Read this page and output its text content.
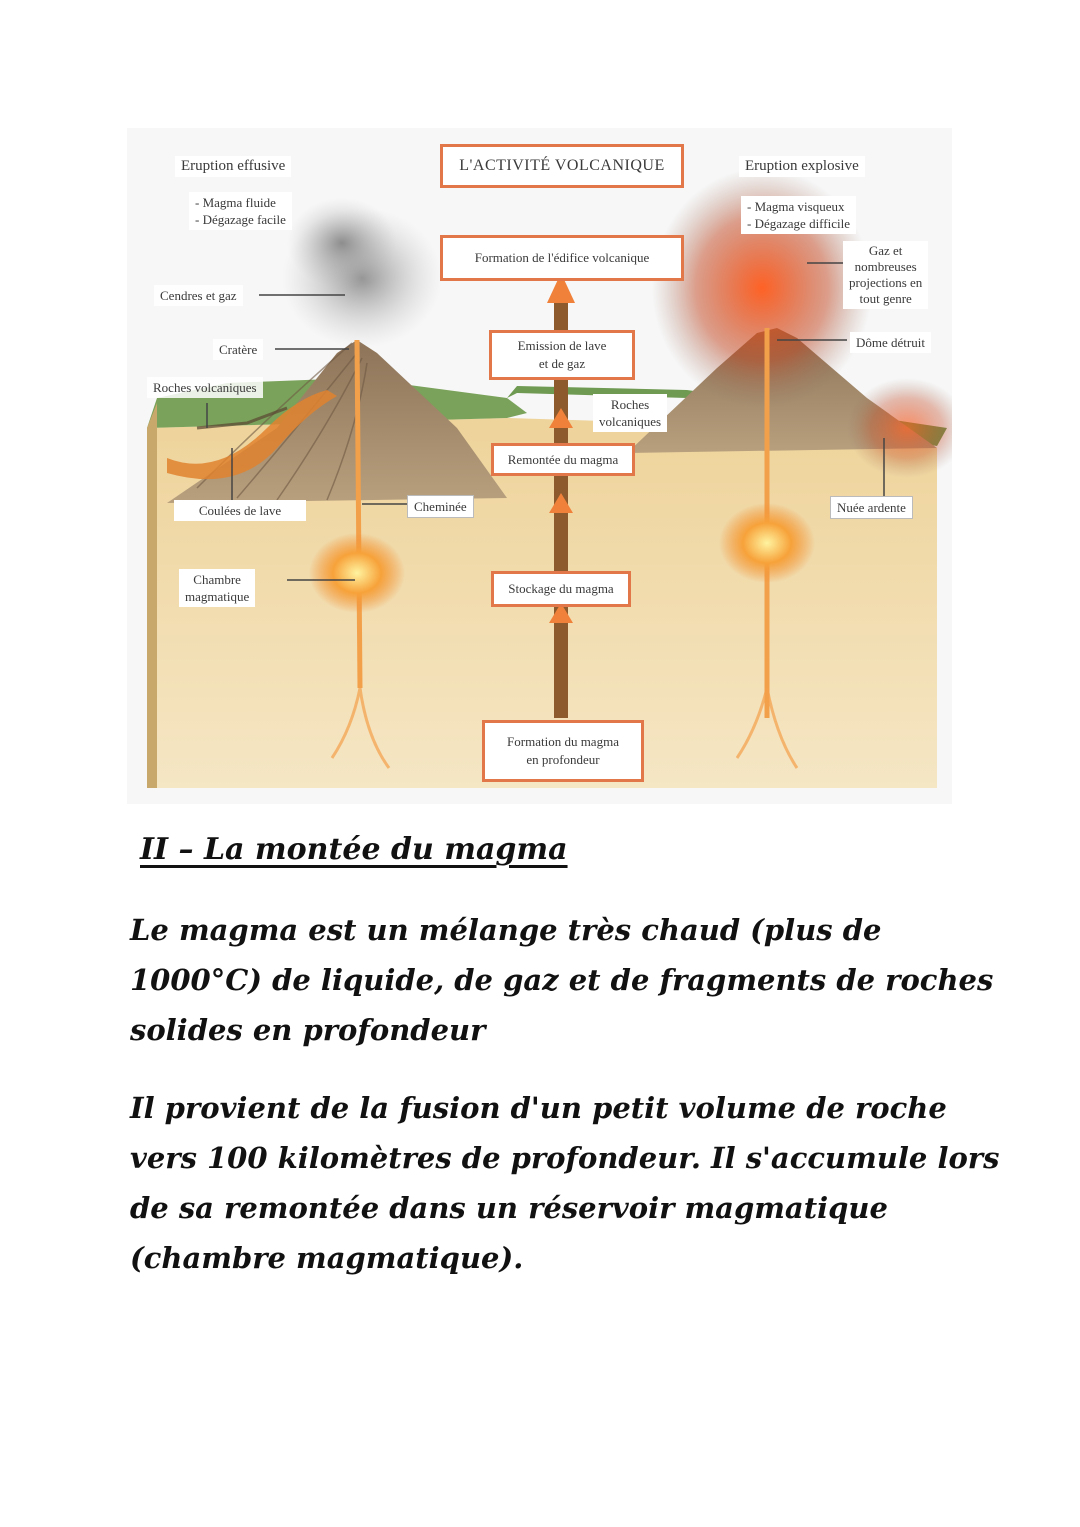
L'ACTIVITÉ VOLCANIQUE
Eruption effusive
- Magma fluide
- Dégazage facile
Eruption explosive
- Magma visqueux
- Dégazage difficile
Cendres et gaz
Cratère
Roches volcaniques
Coulées de lave	Cheminée
Chambre
magmatique
Gaz et
nombreuses
projections en
tout genre
Dôme détruit
Roches
volcaniques
Nuée ardente
Formation de l'édifice volcanique
Emission de lave
et de gaz
Remontée du magma
Stockage du magma
Formation du magma
en profondeur
II – La montée du magma
Le magma est un mélange très chaud (plus de
1000°C) de liquide, de gaz et de fragments de roches
solides en profondeur
Il provient de la fusion d'un petit volume de roche
vers 100 kilomètres de profondeur. Il s'accumule lors
de sa remontée dans un réservoir magmatique
(chambre magmatique).
